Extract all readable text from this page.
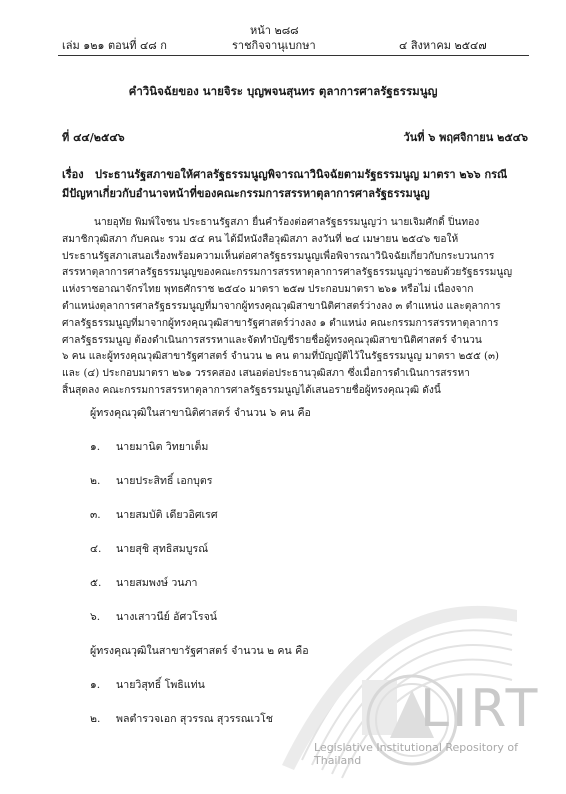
หน้า ๒๘๘
เล่ม ๑๒๑ ตอนที่ ๔๘ ก	ราชกิจจานุเบกษา	๔ สิงหาคม ๒๕๔๗
คำวินิจฉัยของ นายจิระ บุญพจนสุนทร ตุลาการศาลรัฐธรรมนูญ
ที่ ๔๔/๒๕๔๖	วันที่ ๖ พฤศจิกายน ๒๕๔๖
เรื่อง ประธานรัฐสภาขอให้ศาลรัฐธรรมนูญพิจารณาวินิจฉัยตามรัฐธรรมนูญ มาตรา ๒๖๖ กรณี
มีปัญหาเกี่ยวกับอำนาจหน้าที่ของคณะกรรมการสรรหาตุลาการศาลรัฐธรรมนูญ
นายอุทัย พิมพ์ใจชน ประธานรัฐสภา ยื่นคำร้องต่อศาลรัฐธรรมนูญว่า นายเจิมศักดิ์ ปิ่นทอง
สมาชิกวุฒิสภา กับคณะ รวม ๕๔ คน ได้มีหนังสือวุฒิสภา ลงวันที่ ๒๔ เมษายน ๒๕๔๖ ขอให้
ประธานรัฐสภาเสนอเรื่องพร้อมความเห็นต่อศาลรัฐธรรมนูญเพื่อพิจารณาวินิจฉัยเกี่ยวกับกระบวนการ
สรรหาตุลาการศาลรัฐธรรมนูญของคณะกรรมการสรรหาตุลาการศาลรัฐธรรมนูญว่าชอบด้วยรัฐธรรมนูญ
แห่งราชอาณาจักรไทย พุทธศักราช ๒๕๔๐ มาตรา ๒๕๗ ประกอบมาตรา ๒๖๑ หรือไม่ เนื่องจาก
ตำแหน่งตุลาการศาลรัฐธรรมนูญที่มาจากผู้ทรงคุณวุฒิสาขานิติศาสตร์ว่างลง ๓ ตำแหน่ง และตุลาการ
ศาลรัฐธรรมนูญที่มาจากผู้ทรงคุณวุฒิสาขารัฐศาสตร์ว่างลง ๑ ตำแหน่ง คณะกรรมการสรรหาตุลาการ
ศาลรัฐธรรมนูญ ต้องดำเนินการสรรหาและจัดทำบัญชีรายชื่อผู้ทรงคุณวุฒิสาขานิติศาสตร์ จำนวน
๖ คน และผู้ทรงคุณวุฒิสาขารัฐศาสตร์ จำนวน ๒ คน ตามที่บัญญัติไว้ในรัฐธรรมนูญ มาตรา ๒๕๕ (๓)
และ (๔) ประกอบมาตรา ๒๖๑ วรรคสอง เสนอต่อประธานวุฒิสภา ซึ่งเมื่อการดำเนินการสรรหา
สิ้นสุดลง คณะกรรมการสรรหาตุลาการศาลรัฐธรรมนูญได้เสนอรายชื่อผู้ทรงคุณวุฒิ ดังนี้
ผู้ทรงคุณวุฒิในสาขานิติศาสตร์ จำนวน ๖ คน คือ
๑. นายมานิต วิทยาเต็ม
๒. นายประสิทธิ์ เอกบุตร
๓. นายสมบัติ เดียวอิศเรศ
๔. นายสุชิ สุทธิสมบูรณ์
๕. นายสมพงษ์ วนภา
๖. นางเสาวนีย์ อัศวโรจน์
ผู้ทรงคุณวุฒิในสาขารัฐศาสตร์ จำนวน ๒ คน คือ
๑. นายวิสุทธิ์ โพธิแท่น
๒. พลตำรวจเอก สุวรรณ สุวรรณเวโช	LIRT
Legislative Institutional Repository of Thailand
